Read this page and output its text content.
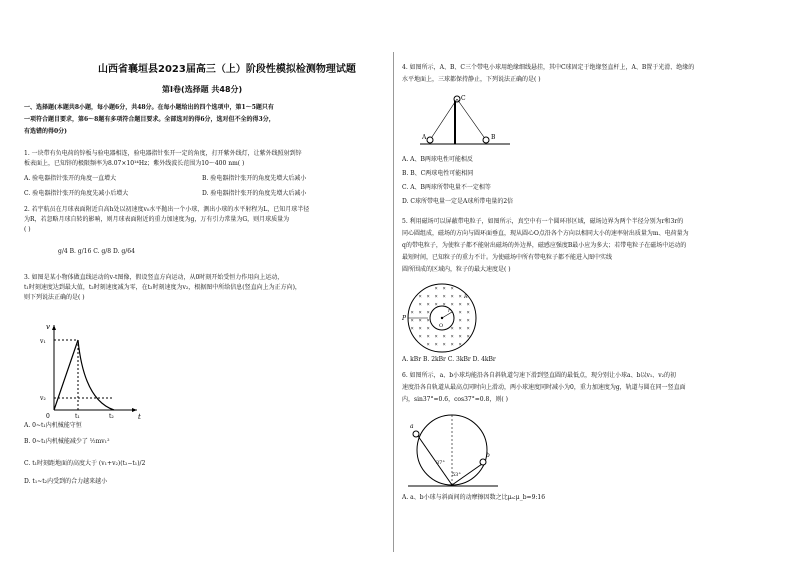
山西省襄垣县2023届高三（上）阶段性模拟检测物理试题
第Ⅰ卷(选择题 共48分)
一、选择题(本题共8小题，每小题6分，共48分。在每小题给出的四个选项中，第1～5题只有
一项符合题目要求，第6～8题有多项符合题目要求。全部选对的得6分，选对但不全的得3分，
有选错的得0分)
1. 一块带有负电荷的锌板与验电器相连，验电器指针张开一定的角度，打开紫外线灯，让紫外线照射到锌
板表面上，已知锌的极限频率为8.07×10¹⁴Hz；紫外线波长范围为10～400 nm( )
A. 验电器指针张开的角度一直增大	B. 验电器指针张开的角度先增大后减小
C. 验电器指针张开的角度先减小后增大	D. 验电器指针张开的角度先增大后减小
2. 若宇航员在月球表面附近自高h处以初速度v₀水平抛出一个小球，测出小球的水平射程为L，已知月球半径
为R，若忽略月球自转的影响，则月球表面附近的重力加速度为g，万有引力常量为G，则月球质量为
( )
g/4 B. g/16 C. g/8 D. g/64
3. 如图是某小物体做直线运动的v-t图像，假设竖直方向运动，从0时刻开始受恒力作用向上运动，
t₁时刻速度达到最大值，t₂时刻速度减为零，在t₂时刻速度为v₂，根据图中所给信息(竖直向上为正方向)，
则下列说法正确的是( )
v
t
v₁
v₂
0	t₁	t₂
A. 0~t₁内机械能守恒
B. 0~t₁内机械能减少了 ½mv₁²
C. t₁时刻距地面的高度大于 (v₁+v₂)(t₂−t₁)/2
D. t₁~t₂内受到的合力越来越小
4. 如图所示，A、B、C三个带电小球用绝缘细线悬挂，其中C球固定于绝缘竖直杆上，A、B置于光滑、绝缘的
水平地面上，三球都保持静止，下列说法正确的是( )
C
A	B
A. A、B两球电性可能相反
B. B、C两球电性可能相同
C. A、B两球所带电量不一定相等
D. C球所带电量一定是A球所带电量的2倍
5. 利用磁场可以屏蔽带电粒子，如图所示，真空中有一个圆环形区域，磁场边界为两个半径分别为r和3r的
同心圆组成，磁场的方向与圆环面垂直，现从圆心O点沿各个方向以相同大小的速率射出质量为m、电荷量为
q的带电粒子，为使粒子都不能射出磁场的外边界，磁感应强度B最小应为多大；若带电粒子在磁场中运动的
最短时间，已知粒子的重力不计。为使磁场中所有带电粒子都不能进入图中实线
圆所围成的区域内，粒子的最大速度是( )
× × ×
× × × × × ×
× × × × × × ×
× × ×	× ×
× × ×	× ×
× × ×	× × ×
× × × × × × ×
× × × × ×
P
O
r
R
A. kBr B. 2kBr C. 3kBr D. 4kBr
6. 如图所示，a、b小球均能沿各自斜轨道匀速下滑到竖直圆的最低点，现分别让小球a、b以v₁、v₂的初
速度沿各自轨道从最高点同时向上滑动，两小球速度同时减小为0，重力加速度为g，轨道与圆在同一竖直面
内，sin37°=0.6，cos37°=0.8，则( )
a
b
37°
53°
A. a、b小球与斜面间的动摩擦因数之比μₐ:μ_b=9:16
